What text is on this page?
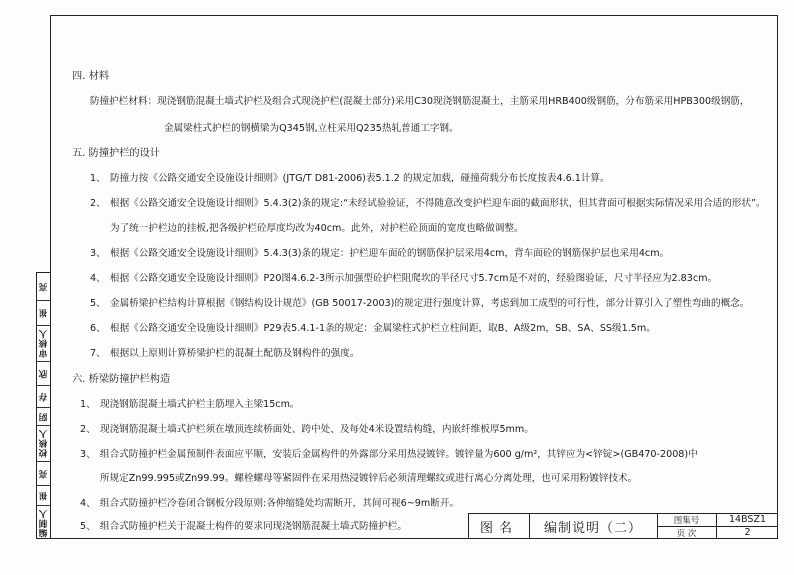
亮
崔
审核人
欣
存
阴
校核人
亮
崔
编制人
四. 材料
防撞护栏材料：现浇钢筋混凝土墙式护栏及组合式现浇护栏(混凝土部分)采用C30现浇钢筋混凝土，主筋采用HRB400级钢筋，分布筋采用HPB300级钢筋，
金属梁柱式护栏的钢横梁为Q345钢,立柱采用Q235热轧普通工字钢。
五. 防撞护栏的设计
1、 防撞力按《公路交通安全设施设计细则》(JTG/T D81-2006)表5.1.2 的规定加载，碰撞荷载分布长度按表4.6.1计算。
2、 根据《公路交通安全设施设计细则》5.4.3(2)条的规定:“未经试验验证，不得随意改变护栏迎车面的截面形状，但其背面可根据实际情况采用合适的形状”。
为了统一护栏边的挂板,把各级护栏砼厚度均改为40cm。此外，对护栏砼顶面的宽度也略做调整。
3、 根据《公路交通安全设施设计细则》5.4.3(3)条的规定：护栏迎车面砼的钢筋保护层采用4cm，背车面砼的钢筋保护层也采用4cm。
4、 根据《公路交通安全设施设计细则》P20图4.6.2-3所示加强型砼护栏阻爬坎的半径尺寸5.7cm是不对的，经验图验证，尺寸半径应为2.83cm。
5、 金属桥梁护栏结构计算根据《钢结构设计规范》(GB 50017-2003)的规定进行强度计算，考虑到加工成型的可行性，部分计算引入了塑性弯曲的概念。
6、 根据《公路交通安全设施设计细则》P29表5.4.1-1条的规定：金属梁柱式护栏立柱间距，取B、A级2m，SB、SA、SS级1.5m。
7、 根据以上原则计算桥梁护栏的混凝土配筋及钢构件的强度。
六. 桥梁防撞护栏构造
1、 现浇钢筋混凝土墙式护栏主筋埋入主梁15cm。
2、 现浇钢筋混凝土墙式护栏须在墩顶连续桥面处、跨中处、及每处4米设置结构缝，内嵌纤维板厚5mm。
3、 组合式防撞护栏金属预制件表面应平顺，安装后金属构件的外露部分采用热浸镀锌。镀锌量为600 g/m²，其锌应为<锌锭>(GB470-2008)中
所规定Zn99.995或Zn99.99。螺栓螺母等紧固件在采用热浸镀锌后必须清理螺纹或进行离心分离处理，也可采用粉镀锌技术。
4、 组合式防撞护栏冷卷闭合钢板分段原则:各伸缩缝处均需断开，其间可视6~9m断开。
5、 组合式防撞护栏关于混凝土构件的要求同现浇钢筋混凝土墙式防撞护栏。	图名	编制说明（二）
图集号	14BSZ1
页 次	2
